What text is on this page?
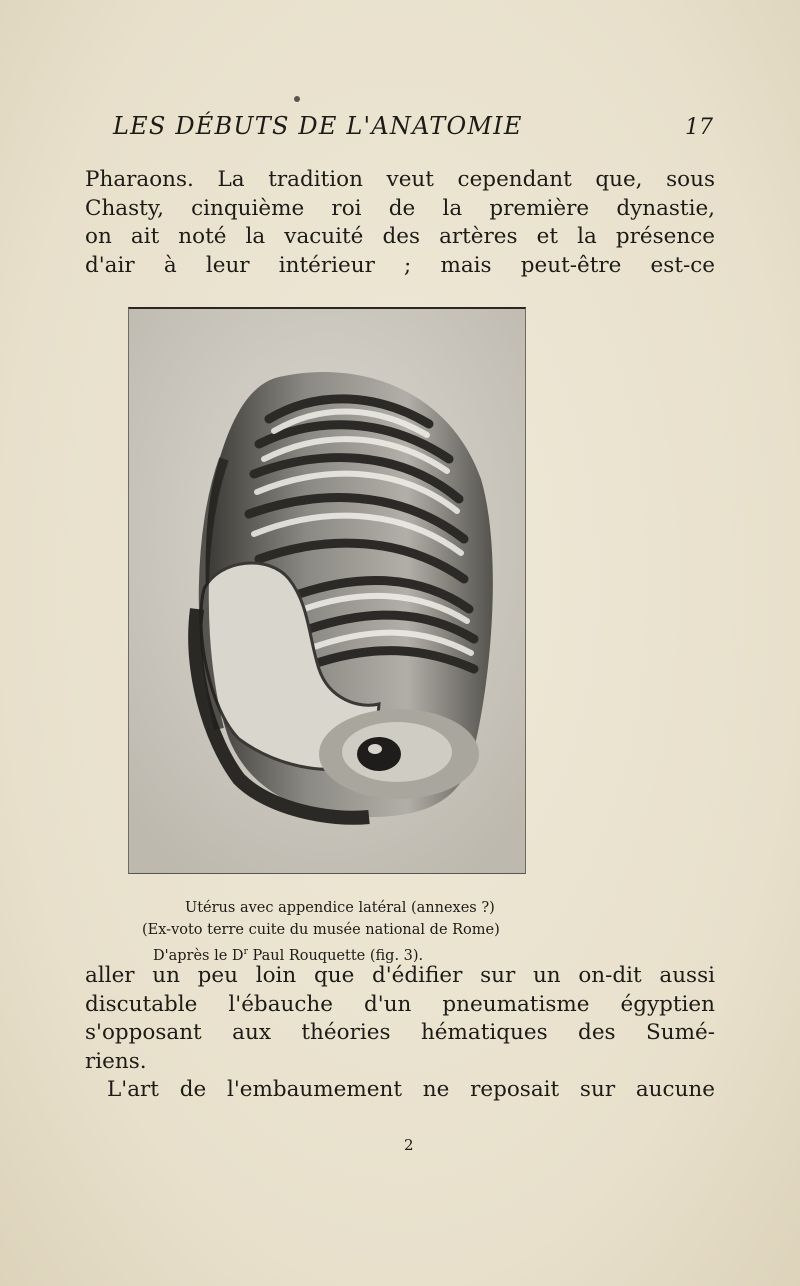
LES DÉBUTS DE L'ANATOMIE	17

Pharaons. La tradition veut cependant que, sous
Chasty, cinquième roi de la première dynastie,
on ait noté la vacuité des artères et la présence
d'air à leur intérieur ; mais peut-être est-ce

Utérus avec appendice latéral (annexes ?)
(Ex-voto terre cuite du musée national de Rome)
D'après le $D^r$ Paul Rouquette (fig. 3).

aller un peu loin que d'édifier sur un on-dit aussi
discutable l'ébauche d'un pneumatisme égyptien
s'opposant aux théories hématiques des Sumé-
riens.
L'art de l'embaumement ne reposait sur aucune

2
